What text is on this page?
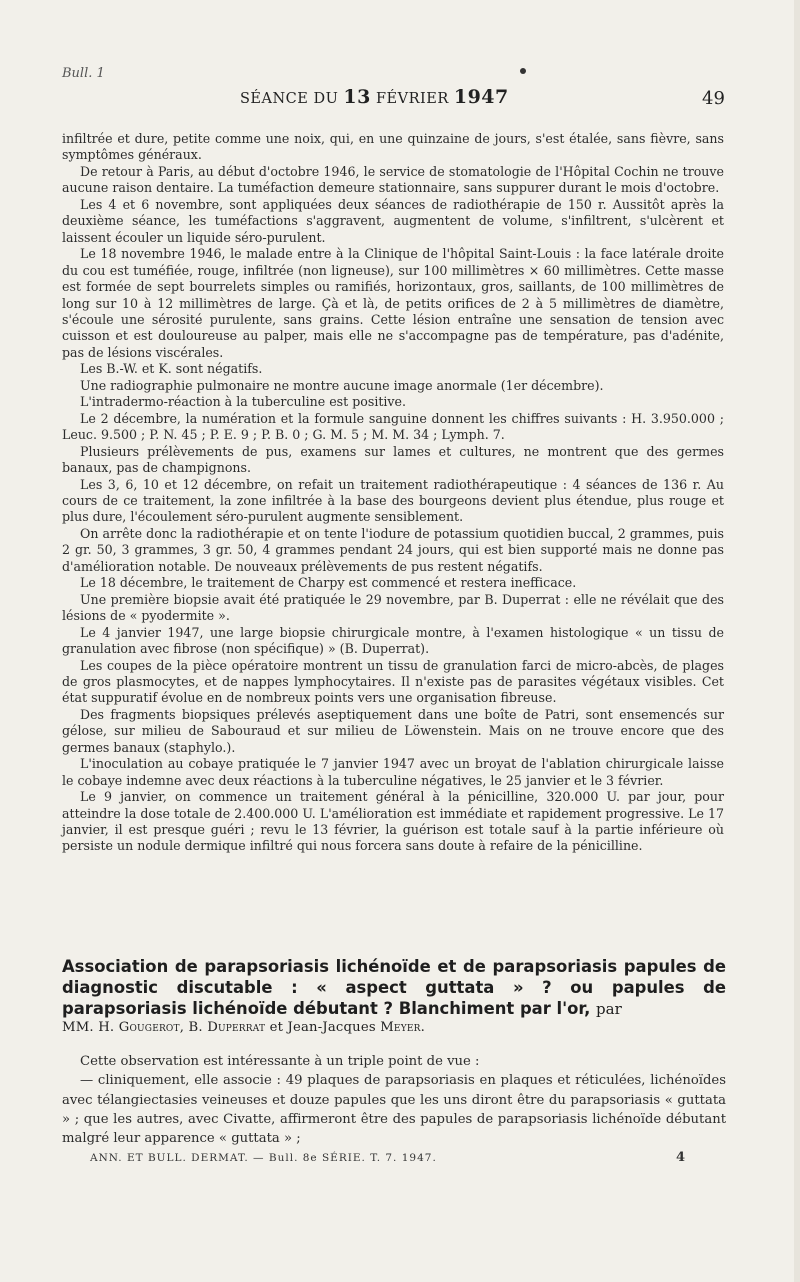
Bull. 1
SÉANCE DU 13 FÉVRIER 1947	49

infiltrée et dure, petite comme une noix, qui, en une quinzaine de jours, s'est étalée, sans fièvre, sans symptômes généraux.

De retour à Paris, au début d'octobre 1946, le service de stomatologie de l'Hôpital Cochin ne trouve aucune raison dentaire. La tuméfaction demeure stationnaire, sans suppurer durant le mois d'octobre.

Les 4 et 6 novembre, sont appliquées deux séances de radiothérapie de 150 r. Aussitôt après la deuxième séance, les tuméfactions s'aggravent, augmentent de volume, s'infiltrent, s'ulcèrent et laissent écouler un liquide séro-purulent.

Le 18 novembre 1946, le malade entre à la Clinique de l'hôpital Saint-Louis : la face latérale droite du cou est tuméfiée, rouge, infiltrée (non ligneuse), sur 100 millimètres × 60 millimètres. Cette masse est formée de sept bourrelets simples ou ramifiés, horizontaux, gros, saillants, de 100 millimètres de long sur 10 à 12 millimètres de large. Çà et là, de petits orifices de 2 à 5 millimètres de diamètre, s'écoule une sérosité purulente, sans grains. Cette lésion entraîne une sensation de tension avec cuisson et est douloureuse au palper, mais elle ne s'accompagne pas de température, pas d'adénite, pas de lésions viscérales.

Les B.-W. et K. sont négatifs.

Une radiographie pulmonaire ne montre aucune image anormale (1er décembre).

L'intradermo-réaction à la tuberculine est positive.

Le 2 décembre, la numération et la formule sanguine donnent les chiffres suivants : H. 3.950.000 ; Leuc. 9.500 ; P. N. 45 ; P. E. 9 ; P. B. 0 ; G. M. 5 ; M. M. 34 ; Lymph. 7.

Plusieurs prélèvements de pus, examens sur lames et cultures, ne montrent que des germes banaux, pas de champignons.

Les 3, 6, 10 et 12 décembre, on refait un traitement radiothérapeutique : 4 séances de 136 r. Au cours de ce traitement, la zone infiltrée à la base des bourgeons devient plus étendue, plus rouge et plus dure, l'écoulement séro-purulent augmente sensiblement.

On arrête donc la radiothérapie et on tente l'iodure de potassium quotidien buccal, 2 grammes, puis 2 gr. 50, 3 grammes, 3 gr. 50, 4 grammes pendant 24 jours, qui est bien supporté mais ne donne pas d'amélioration notable. De nouveaux prélèvements de pus restent négatifs.

Le 18 décembre, le traitement de Charpy est commencé et restera inefficace.

Une première biopsie avait été pratiquée le 29 novembre, par B. Duperrat : elle ne révélait que des lésions de « pyodermite ».

Le 4 janvier 1947, une large biopsie chirurgicale montre, à l'examen histologique « un tissu de granulation avec fibrose (non spécifique) » (B. Duperrat).

Les coupes de la pièce opératoire montrent un tissu de granulation farci de micro-abcès, de plages de gros plasmocytes, et de nappes lymphocytaires. Il n'existe pas de parasites végétaux visibles. Cet état suppuratif évolue en de nombreux points vers une organisation fibreuse.

Des fragments biopsiques prélevés aseptiquement dans une boîte de Patri, sont ensemencés sur gélose, sur milieu de Sabouraud et sur milieu de Löwenstein. Mais on ne trouve encore que des germes banaux (staphylo.).

L'inoculation au cobaye pratiquée le 7 janvier 1947 avec un broyat de l'ablation chirurgicale laisse le cobaye indemne avec deux réactions à la tuberculine négatives, le 25 janvier et le 3 février.

Le 9 janvier, on commence un traitement général à la pénicilline, 320.000 U. par jour, pour atteindre la dose totale de 2.400.000 U. L'amélioration est immédiate et rapidement progressive. Le 17 janvier, il est presque guéri ; revu le 13 février, la guérison est totale sauf à la partie inférieure où persiste un nodule dermique infiltré qui nous forcera sans doute à refaire de la pénicilline.

Association de parapsoriasis lichénoïde et de parapsoriasis papules de diagnostic discutable : « aspect guttata » ? ou papules de parapsoriasis lichénoïde débutant ? Blanchiment par l'or, par
MM. H. Gougerot, B. Duperrat et Jean-Jacques Meyer.

Cette observation est intéressante à un triple point de vue :

— cliniquement, elle associe : 49 plaques de parapsoriasis en plaques et réticulées, lichénoïdes avec télangiectasies veineuses et douze papules que les uns diront être du parapsoriasis « guttata » ; que les autres, avec Civatte, affirmeront être des papules de parapsoriasis lichénoïde débutant malgré leur apparence « guttata » ;

ANN. ET BULL. DERMAT. — Bull. 8e SÉRIE. T. 7. 1947.	4
